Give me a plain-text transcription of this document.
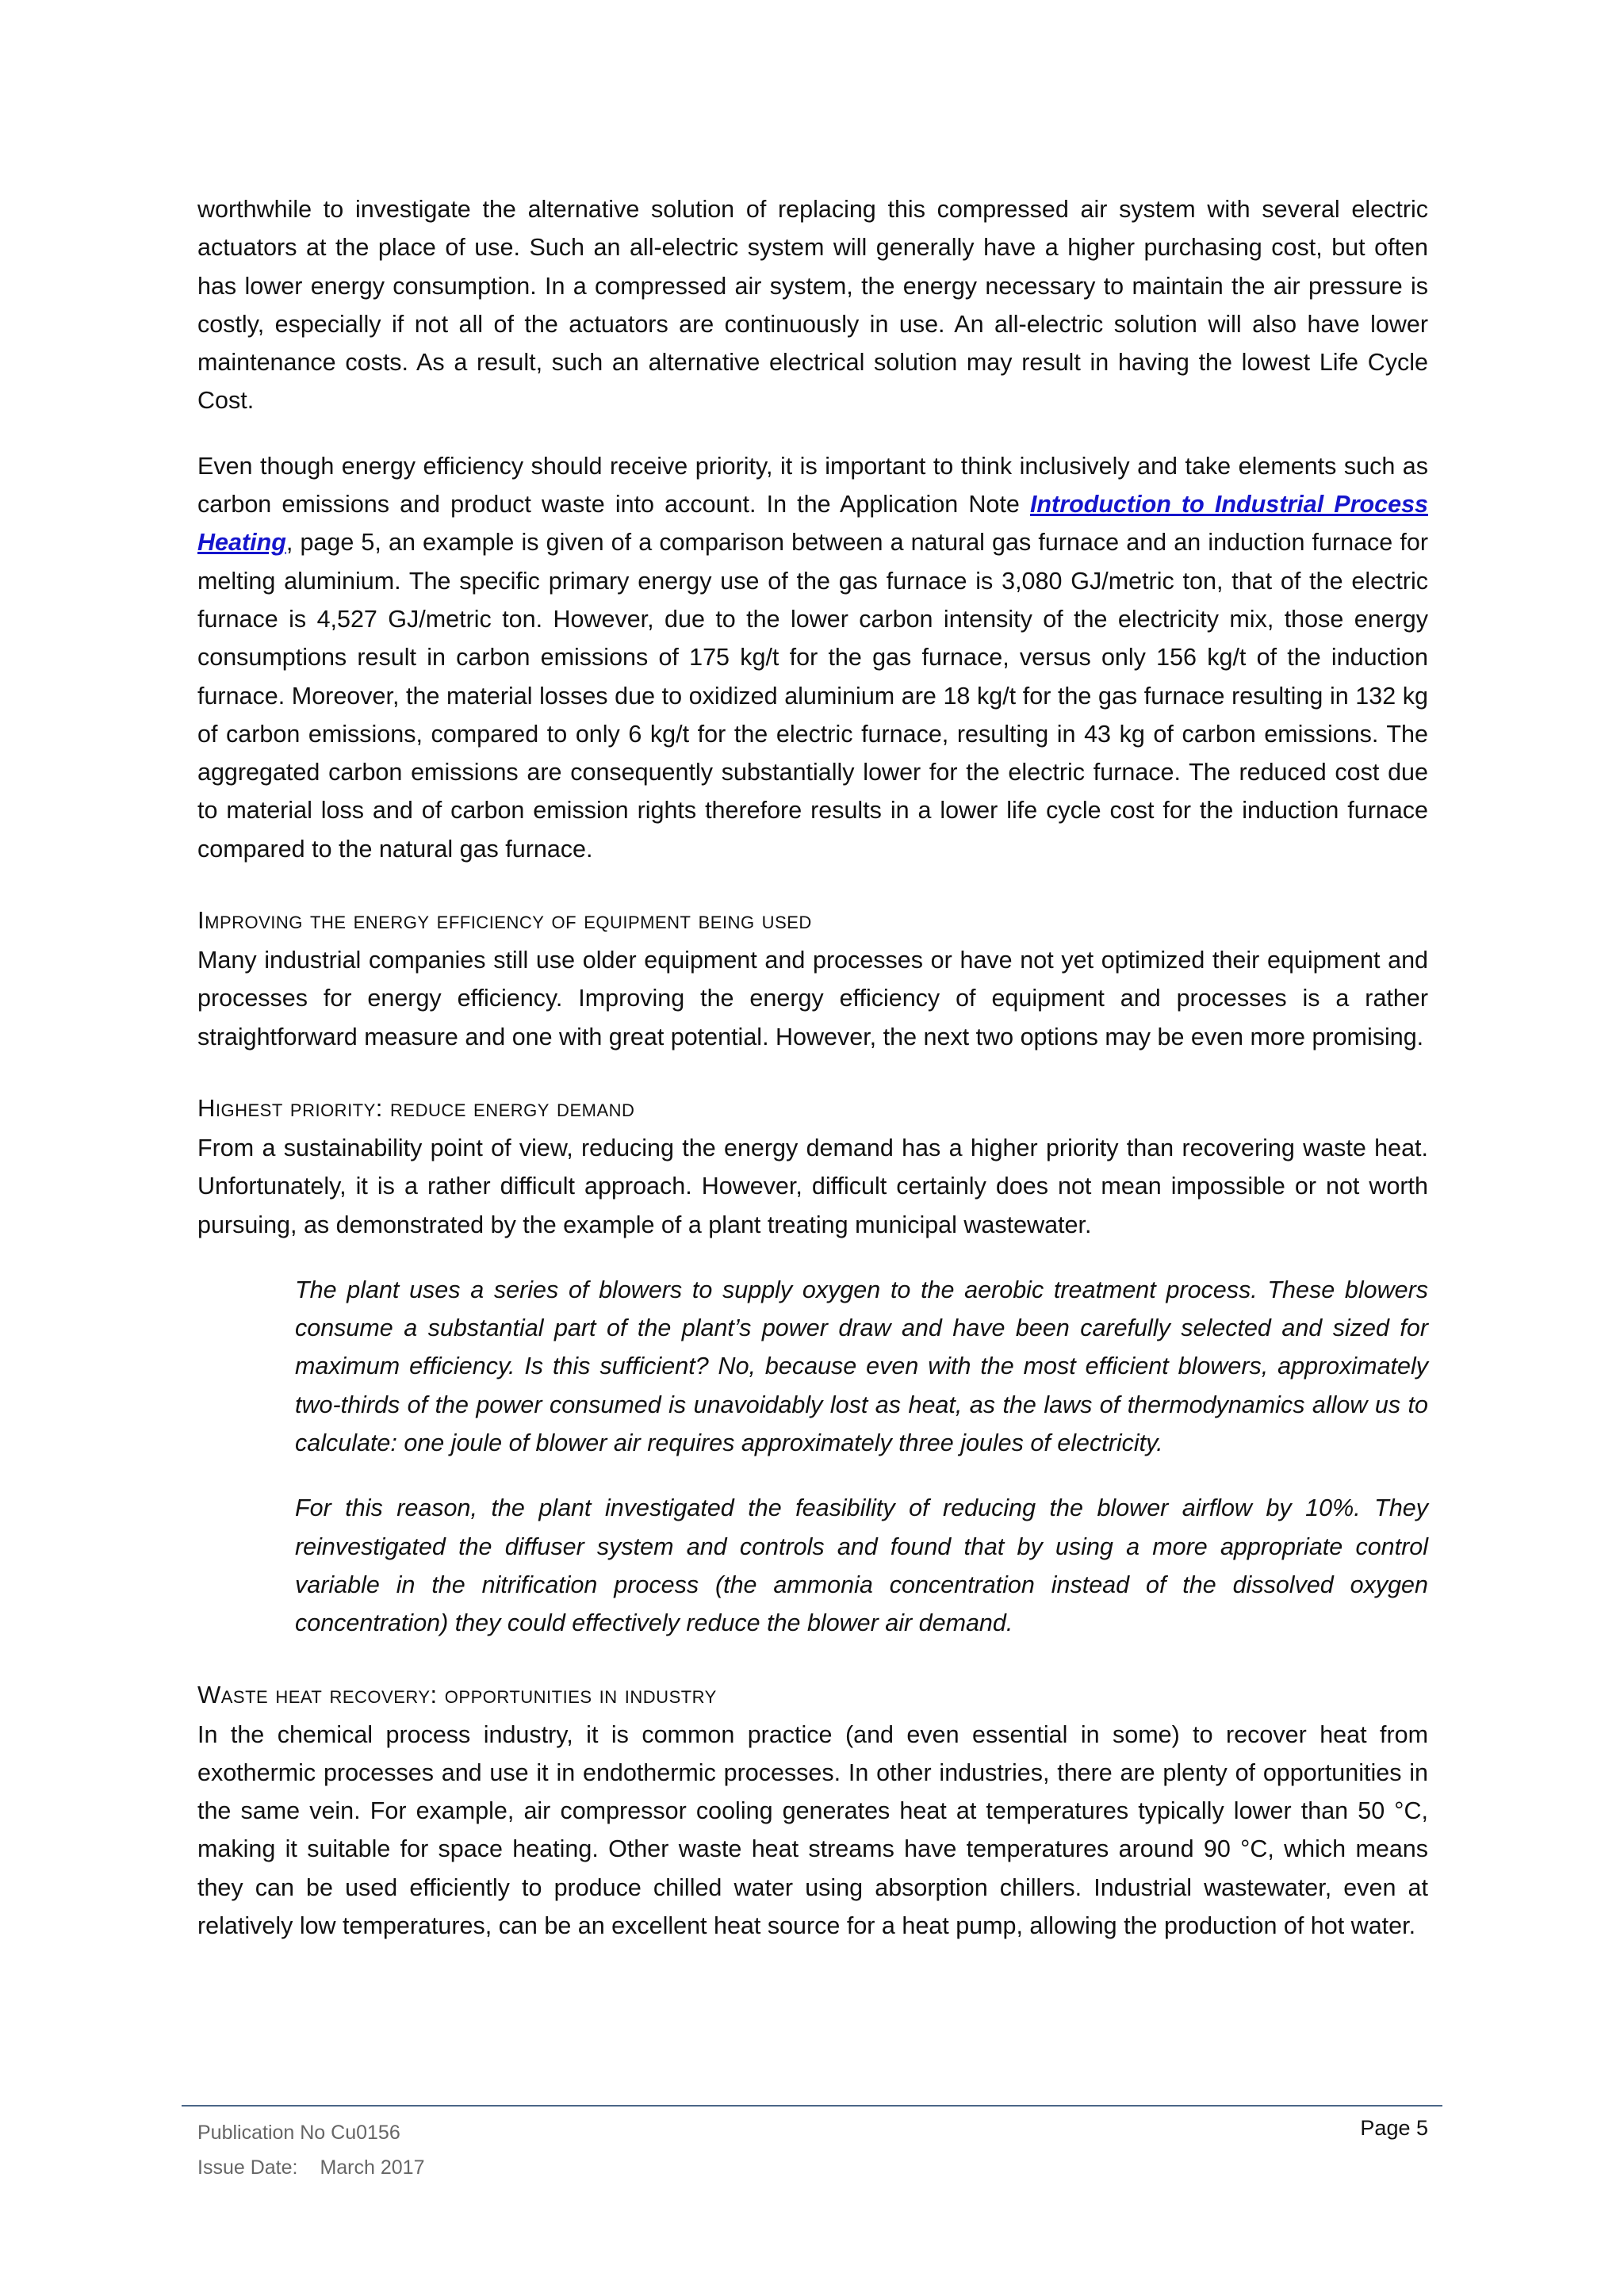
worthwhile to investigate the alternative solution of replacing this compressed air system with several electric actuators at the place of use. Such an all-electric system will generally have a higher purchasing cost, but often has lower energy consumption. In a compressed air system, the energy necessary to maintain the air pressure is costly, especially if not all of the actuators are continuously in use. An all-electric solution will also have lower maintenance costs. As a result, such an alternative electrical solution may result in having the lowest Life Cycle Cost.

Even though energy efficiency should receive priority, it is important to think inclusively and take elements such as carbon emissions and product waste into account. In the Application Note Introduction to Industrial Process Heating, page 5, an example is given of a comparison between a natural gas furnace and an induction furnace for melting aluminium. The specific primary energy use of the gas furnace is 3,080 GJ/metric ton, that of the electric furnace is 4,527 GJ/metric ton. However, due to the lower carbon intensity of the electricity mix, those energy consumptions result in carbon emissions of 175 kg/t for the gas furnace, versus only 156 kg/t of the induction furnace. Moreover, the material losses due to oxidized aluminium are 18 kg/t for the gas furnace resulting in 132 kg of carbon emissions, compared to only 6 kg/t for the electric furnace, resulting in 43 kg of carbon emissions. The aggregated carbon emissions are consequently substantially lower for the electric furnace. The reduced cost due to material loss and of carbon emission rights therefore results in a lower life cycle cost for the induction furnace compared to the natural gas furnace.

Improving the energy efficiency of equipment being used

Many industrial companies still use older equipment and processes or have not yet optimized their equipment and processes for energy efficiency. Improving the energy efficiency of equipment and processes is a rather straightforward measure and one with great potential. However, the next two options may be even more promising.

Highest priority: reduce energy demand

From a sustainability point of view, reducing the energy demand has a higher priority than recovering waste heat. Unfortunately, it is a rather difficult approach. However, difficult certainly does not mean impossible or not worth pursuing, as demonstrated by the example of a plant treating municipal wastewater.

The plant uses a series of blowers to supply oxygen to the aerobic treatment process. These blowers consume a substantial part of the plant’s power draw and have been carefully selected and sized for maximum efficiency. Is this sufficient? No, because even with the most efficient blowers, approximately two-thirds of the power consumed is unavoidably lost as heat, as the laws of thermodynamics allow us to calculate: one joule of blower air requires approximately three joules of electricity.

For this reason, the plant investigated the feasibility of reducing the blower airflow by 10%. They reinvestigated the diffuser system and controls and found that by using a more appropriate control variable in the nitrification process (the ammonia concentration instead of the dissolved oxygen concentration) they could effectively reduce the blower air demand.

Waste heat recovery: opportunities in industry

In the chemical process industry, it is common practice (and even essential in some) to recover heat from exothermic processes and use it in endothermic processes. In other industries, there are plenty of opportunities in the same vein. For example, air compressor cooling generates heat at temperatures typically lower than 50 °C, making it suitable for space heating. Other waste heat streams have temperatures around 90 °C, which means they can be used efficiently to produce chilled water using absorption chillers. Industrial wastewater, even at relatively low temperatures, can be an excellent heat source for a heat pump, allowing the production of hot water.

Publication No Cu0156
Issue Date: March 2017
Page 5
